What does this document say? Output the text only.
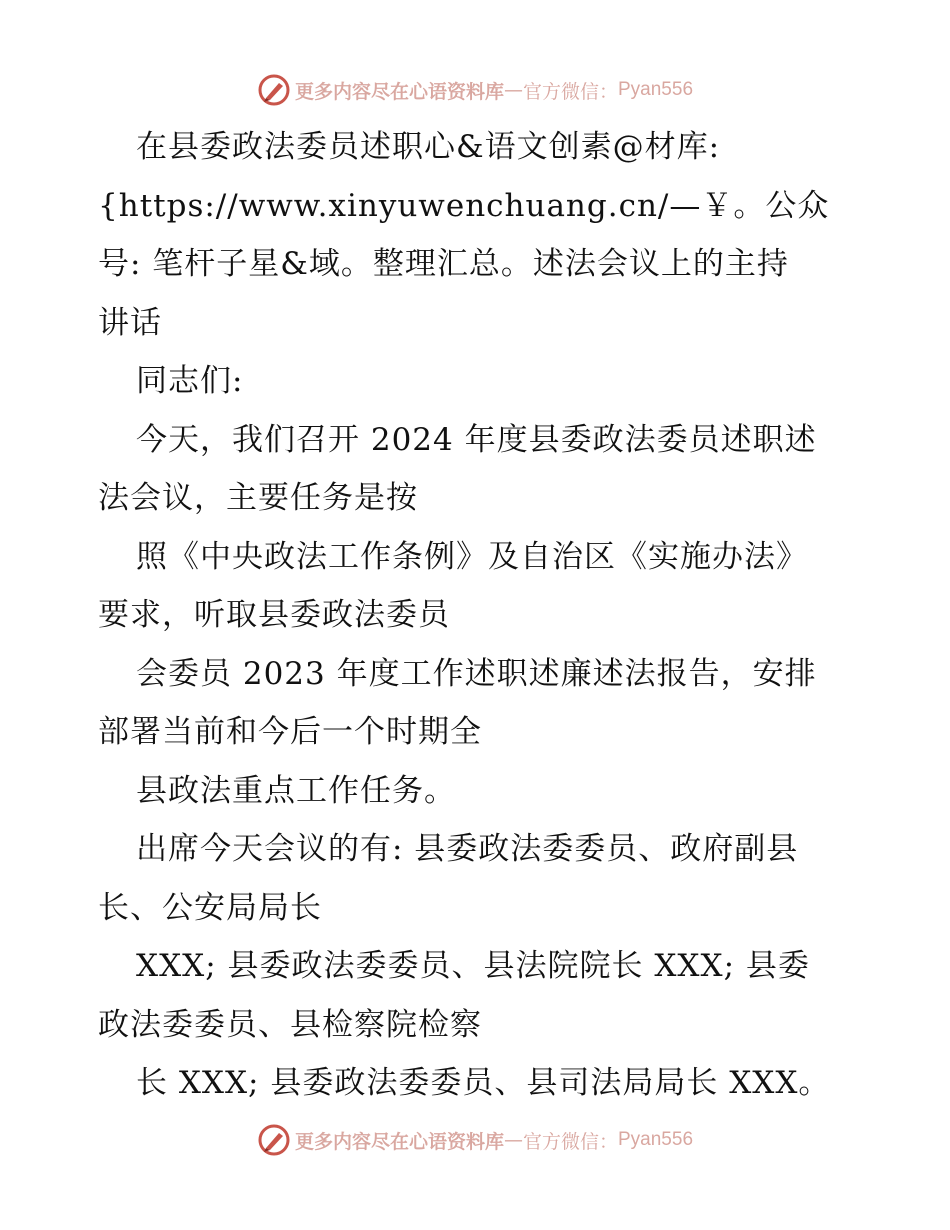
更多内容尽在心语资料库 — 官方微信： Pyan556
在县委政法委员述职心&语文创素@材库:
{https://www.xinyuwenchuang.cn/—￥。公众
号: 笔杆子星&域。整理汇总。述法会议上的主持
讲话
同志们:
今天，我们召开 2024 年度县委政法委员述职述
法会议，主要任务是按
照《中央政法工作条例》及自治区《实施办法》
要求，听取县委政法委员
会委员 2023 年度工作述职述廉述法报告，安排
部署当前和今后一个时期全
县政法重点工作任务。
出席今天会议的有: 县委政法委委员、政府副县
长、公安局局长
XXX; 县委政法委委员、县法院院长 XXX; 县委
政法委委员、县检察院检察
长 XXX; 县委政法委委员、县司法局局长 XXX。
更多内容尽在心语资料库 — 官方微信： Pyan556
